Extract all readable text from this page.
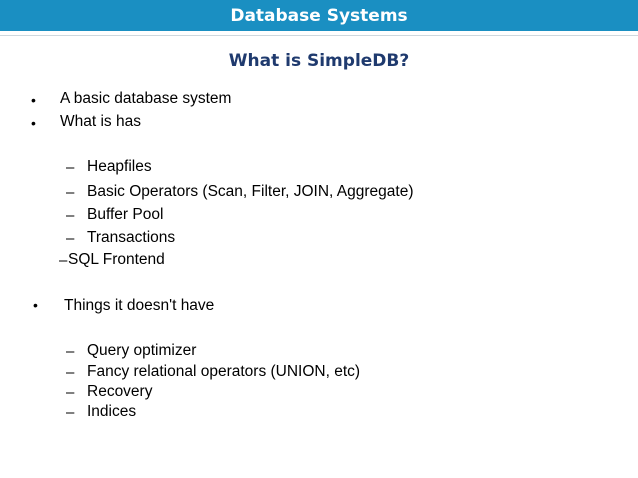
Database Systems
What is SimpleDB?
• A basic database system
• What is has
– Heapfiles
– Basic Operators (Scan, Filter, JOIN, Aggregate)
– Buffer Pool
– Transactions
– SQL Frontend
• Things it doesn't have
– Query optimizer
– Fancy relational operators (UNION, etc)
– Recovery
– Indices
